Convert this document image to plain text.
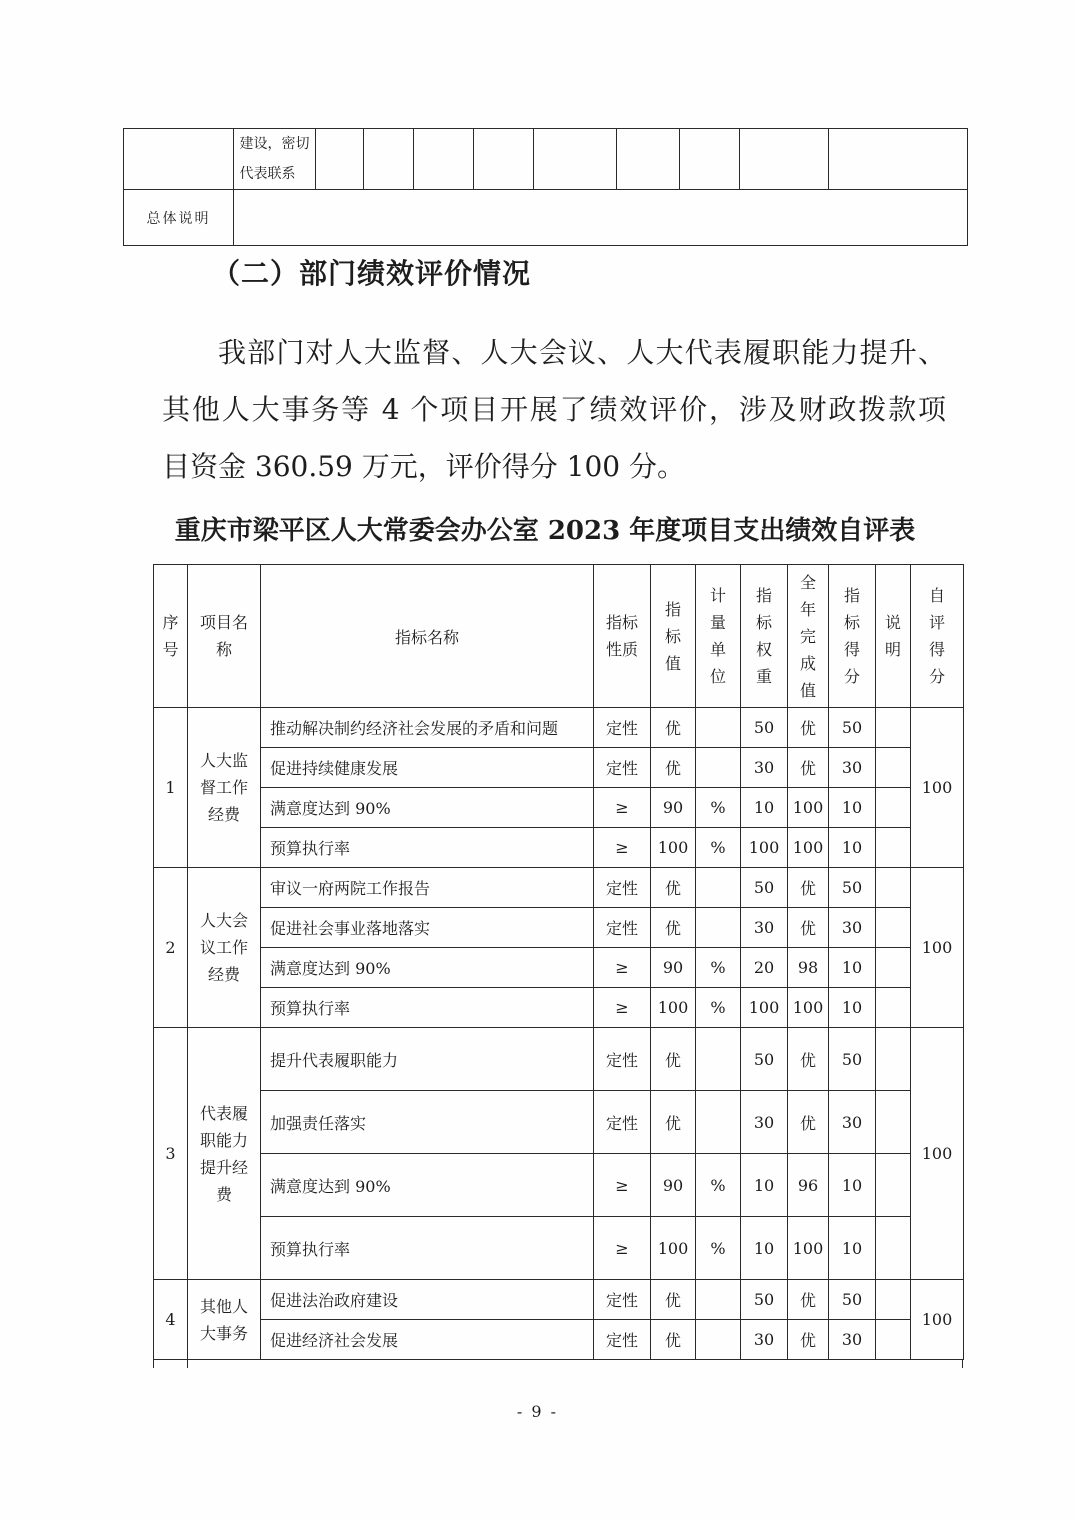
	建设，密切代表联系									
总体说明										
（二）部门绩效评价情况
我部门对人大监督、人大会议、人大代表履职能力提升、
其他人大事务等 4 个项目开展了绩效评价，涉及财政拨款项
目资金 360.59 万元，评价得分 100 分。
重庆市梁平区人大常委会办公室 2023 年度项目支出绩效自评表
序号	项目名称	指标名称	指标性质	指标值	计量单位	指标权重	全年完成值	指标得分	说明	自评得分
1	人大监督工作经费	推动解决制约经济社会发展的矛盾和问题	定性	优		50	优	50		100
		促进持续健康发展	定性	优		30	优	30		
		满意度达到 90%	≥	90	%	10	100	10		
		预算执行率	≥	100	%	100	100	10		
2	人大会议工作经费	审议一府两院工作报告	定性	优		50	优	50		100
		促进社会事业落地落实	定性	优		30	优	30		
		满意度达到 90%	≥	90	%	20	98	10		
		预算执行率	≥	100	%	100	100	10		
3	代表履职能力提升经费	提升代表履职能力	定性	优		50	优	50		100
		加强责任落实	定性	优		30	优	30		
		满意度达到 90%	≥	90	%	10	96	10		
		预算执行率	≥	100	%	10	100	10		
4	其他人大事务	促进法治政府建设	定性	优		50	优	50		100
		促进经济社会发展	定性	优		30	优	30		
- 9 -
